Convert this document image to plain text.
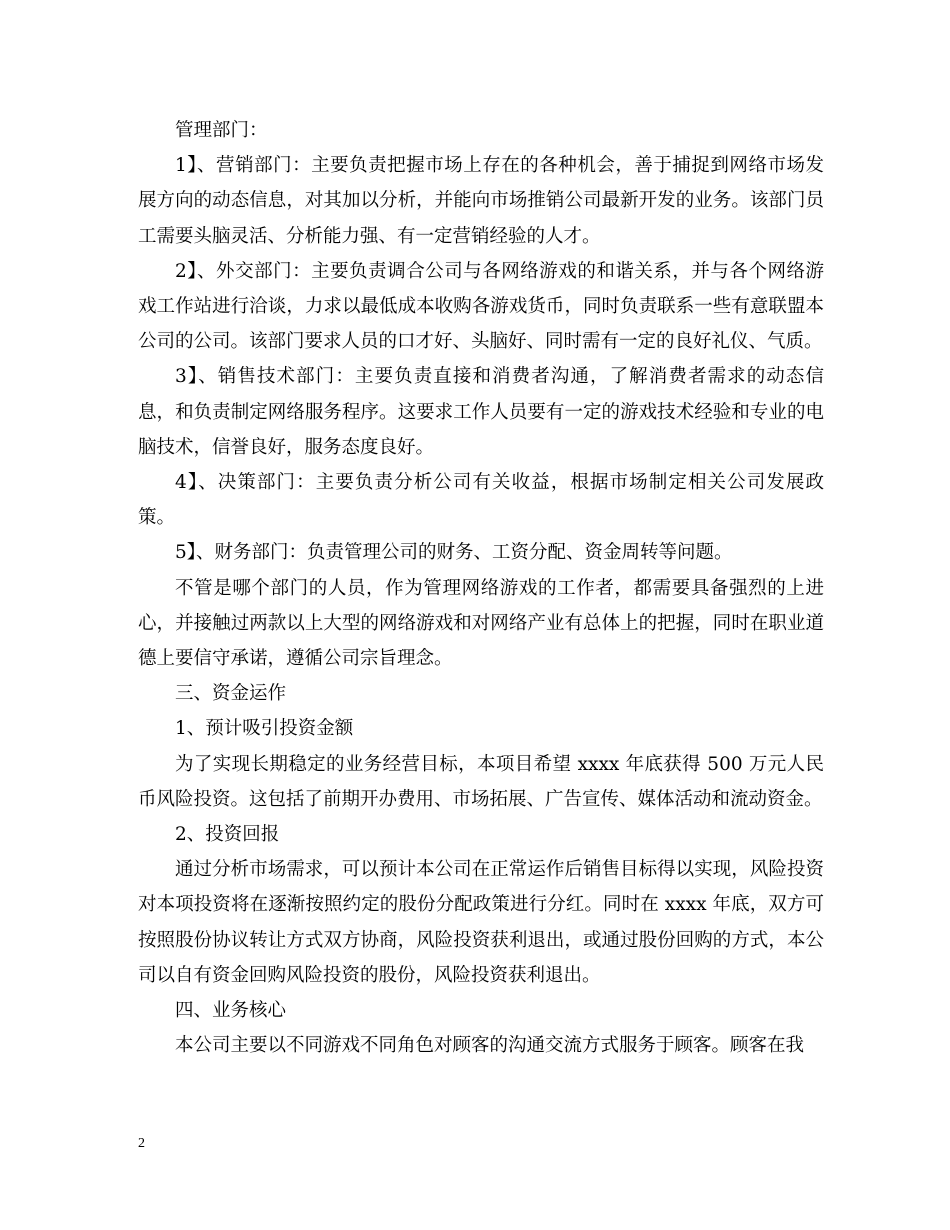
管理部门：

1】、营销部门：主要负责把握市场上存在的各种机会，善于捕捉到网络市场发展方向的动态信息，对其加以分析，并能向市场推销公司最新开发的业务。该部门员工需要头脑灵活、分析能力强、有一定营销经验的人才。

2】、外交部门：主要负责调合公司与各网络游戏的和谐关系，并与各个网络游戏工作站进行洽谈，力求以最低成本收购各游戏货币，同时负责联系一些有意联盟本公司的公司。该部门要求人员的口才好、头脑好、同时需有一定的良好礼仪、气质。

3】、销售技术部门：主要负责直接和消费者沟通，了解消费者需求的动态信息，和负责制定网络服务程序。这要求工作人员要有一定的游戏技术经验和专业的电脑技术，信誉良好，服务态度良好。

4】、决策部门：主要负责分析公司有关收益，根据市场制定相关公司发展政策。

5】、财务部门：负责管理公司的财务、工资分配、资金周转等问题。

不管是哪个部门的人员，作为管理网络游戏的工作者，都需要具备强烈的上进心，并接触过两款以上大型的网络游戏和对网络产业有总体上的把握，同时在职业道德上要信守承诺，遵循公司宗旨理念。

三、资金运作

1、预计吸引投资金额

为了实现长期稳定的业务经营目标，本项目希望 xxxx 年底获得 500 万元人民币风险投资。这包括了前期开办费用、市场拓展、广告宣传、媒体活动和流动资金。

2、投资回报

通过分析市场需求，可以预计本公司在正常运作后销售目标得以实现，风险投资对本项投资将在逐渐按照约定的股份分配政策进行分红。同时在 xxxx 年底，双方可按照股份协议转让方式双方协商，风险投资获利退出，或通过股份回购的方式，本公司以自有资金回购风险投资的股份，风险投资获利退出。

四、业务核心

本公司主要以不同游戏不同角色对顾客的沟通交流方式服务于顾客。顾客在我

2
